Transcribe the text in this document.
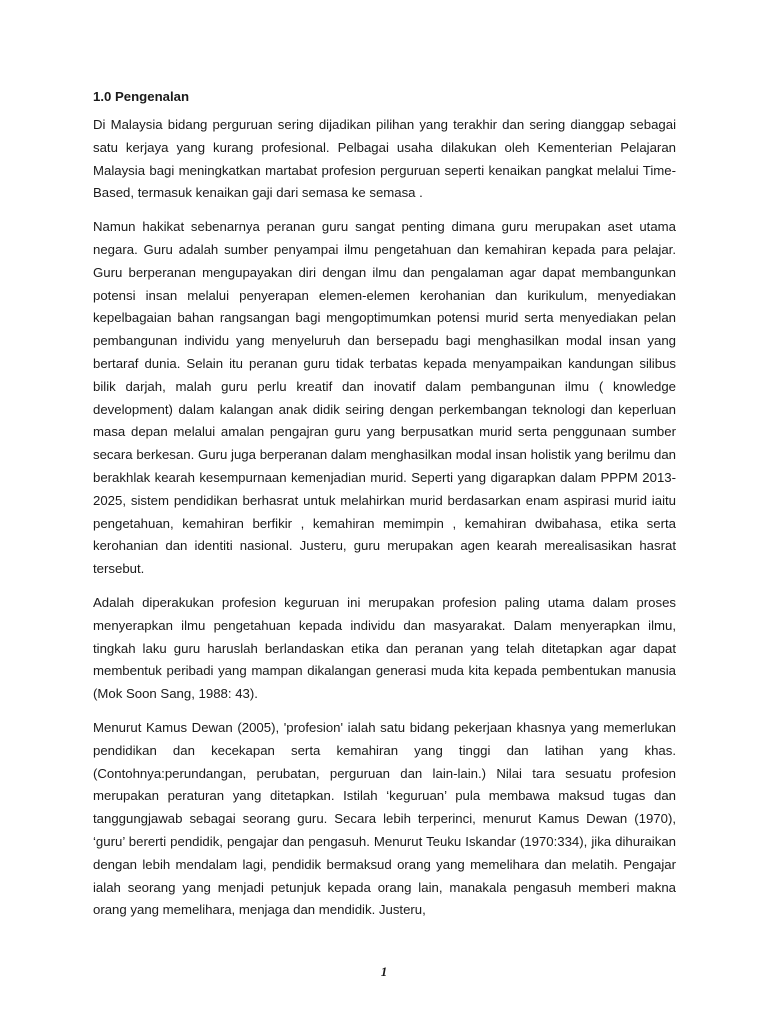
1.0 Pengenalan

Di Malaysia bidang perguruan sering dijadikan pilihan yang terakhir dan sering dianggap sebagai satu kerjaya yang kurang profesional. Pelbagai usaha dilakukan oleh Kementerian Pelajaran Malaysia bagi meningkatkan martabat profesion perguruan seperti kenaikan pangkat melalui Time-Based, termasuk kenaikan gaji dari semasa ke semasa .

Namun hakikat sebenarnya peranan guru sangat penting dimana guru merupakan aset utama negara. Guru adalah sumber penyampai ilmu pengetahuan dan kemahiran kepada para pelajar. Guru berperanan mengupayakan diri dengan ilmu dan pengalaman agar dapat membangunkan potensi insan melalui penyerapan elemen-elemen kerohanian dan kurikulum, menyediakan kepelbagaian bahan rangsangan bagi mengoptimumkan potensi murid serta menyediakan pelan pembangunan individu yang menyeluruh dan bersepadu bagi menghasilkan modal insan yang bertaraf dunia. Selain itu peranan guru tidak terbatas kepada menyampaikan kandungan silibus bilik darjah, malah guru perlu kreatif dan inovatif dalam pembangunan ilmu ( knowledge development) dalam kalangan anak didik seiring dengan perkembangan teknologi dan keperluan masa depan melalui amalan pengajran guru yang berpusatkan murid serta penggunaan sumber secara berkesan. Guru juga berperanan dalam menghasilkan modal insan holistik yang berilmu dan berakhlak kearah kesempurnaan kemenjadian murid. Seperti yang digarapkan dalam PPPM 2013-2025, sistem pendidikan berhasrat untuk melahirkan murid berdasarkan enam aspirasi murid iaitu pengetahuan, kemahiran berfikir , kemahiran memimpin , kemahiran dwibahasa, etika serta kerohanian dan identiti nasional. Justeru, guru merupakan agen kearah merealisasikan hasrat tersebut.

Adalah diperakukan profesion keguruan ini merupakan profesion paling utama dalam proses menyerapkan ilmu pengetahuan kepada individu dan masyarakat. Dalam menyerapkan ilmu, tingkah laku guru haruslah berlandaskan etika dan peranan yang telah ditetapkan agar dapat membentuk peribadi yang mampan dikalangan generasi muda kita kepada pembentukan manusia (Mok Soon Sang, 1988: 43).

Menurut Kamus Dewan (2005), 'profesion' ialah satu bidang pekerjaan khasnya yang memerlukan pendidikan dan kecekapan serta kemahiran yang tinggi dan latihan yang khas. (Contohnya:perundangan, perubatan, perguruan dan lain-lain.) Nilai tara sesuatu profesion merupakan peraturan yang ditetapkan. Istilah ‘keguruan’ pula membawa maksud tugas dan tanggungjawab sebagai seorang guru. Secara lebih terperinci, menurut Kamus Dewan (1970), ‘guru’ bererti pendidik, pengajar dan pengasuh. Menurut Teuku Iskandar (1970:334), jika dihuraikan dengan lebih mendalam lagi, pendidik bermaksud orang yang memelihara dan melatih. Pengajar ialah seorang yang menjadi petunjuk kepada orang lain, manakala pengasuh memberi makna orang yang memelihara, menjaga dan mendidik. Justeru,

1
